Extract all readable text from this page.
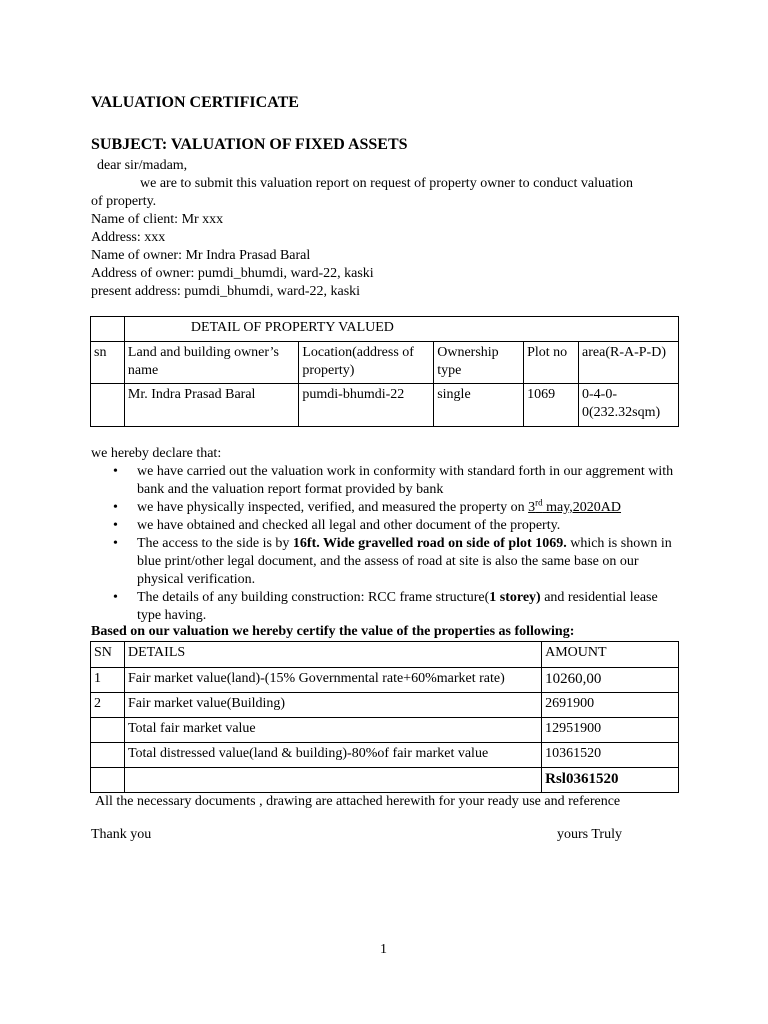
VALUATION CERTIFICATE
SUBJECT: VALUATION OF FIXED ASSETS
dear sir/madam,
we are to submit this valuation report on request of property owner to conduct valuation
of property.
Name of client: Mr xxx
Address: xxx
Name of owner: Mr Indra Prasad Baral
Address of owner: pumdi_bhumdi, ward-22, kaski
present address: pumdi_bhumdi, ward-22, kaski
	DETAIL OF PROPERTY VALUED				
sn	Land and building owner’s name	Location(address of property)	Ownership type	Plot no	area(R-A-P-D)
	Mr. Indra Prasad Baral	pumdi-bhumdi-22	single	1069	0-4-0-0(232.32sqm)
we hereby declare that:
• we have carried out the valuation work in conformity with standard forth in our aggrement with bank and the valuation report format provided by bank
• we have physically inspected, verified, and measured the property on 3rd may,2020AD
• we have obtained and checked all legal and other document of the property.
• The access to the side is by 16ft. Wide gravelled road on side of plot 1069. which is shown in blue print/other legal document, and the assess of road at site is also the same base on our physical verification.
• The details of any building construction: RCC frame structure(1 storey) and residential lease type having.
Based on our valuation we hereby certify the value of the properties as following:
SN	DETAILS	AMOUNT
1	Fair market value(land)-(15% Governmental rate+60%market rate)	10260,00
2	Fair market value(Building)	2691900
	Total fair market value	12951900
	Total distressed value(land & building)-80%of fair market value	10361520
		Rsl0361520
All the necessary documents , drawing are attached herewith for your ready use and reference
Thank you	yours Truly
1
